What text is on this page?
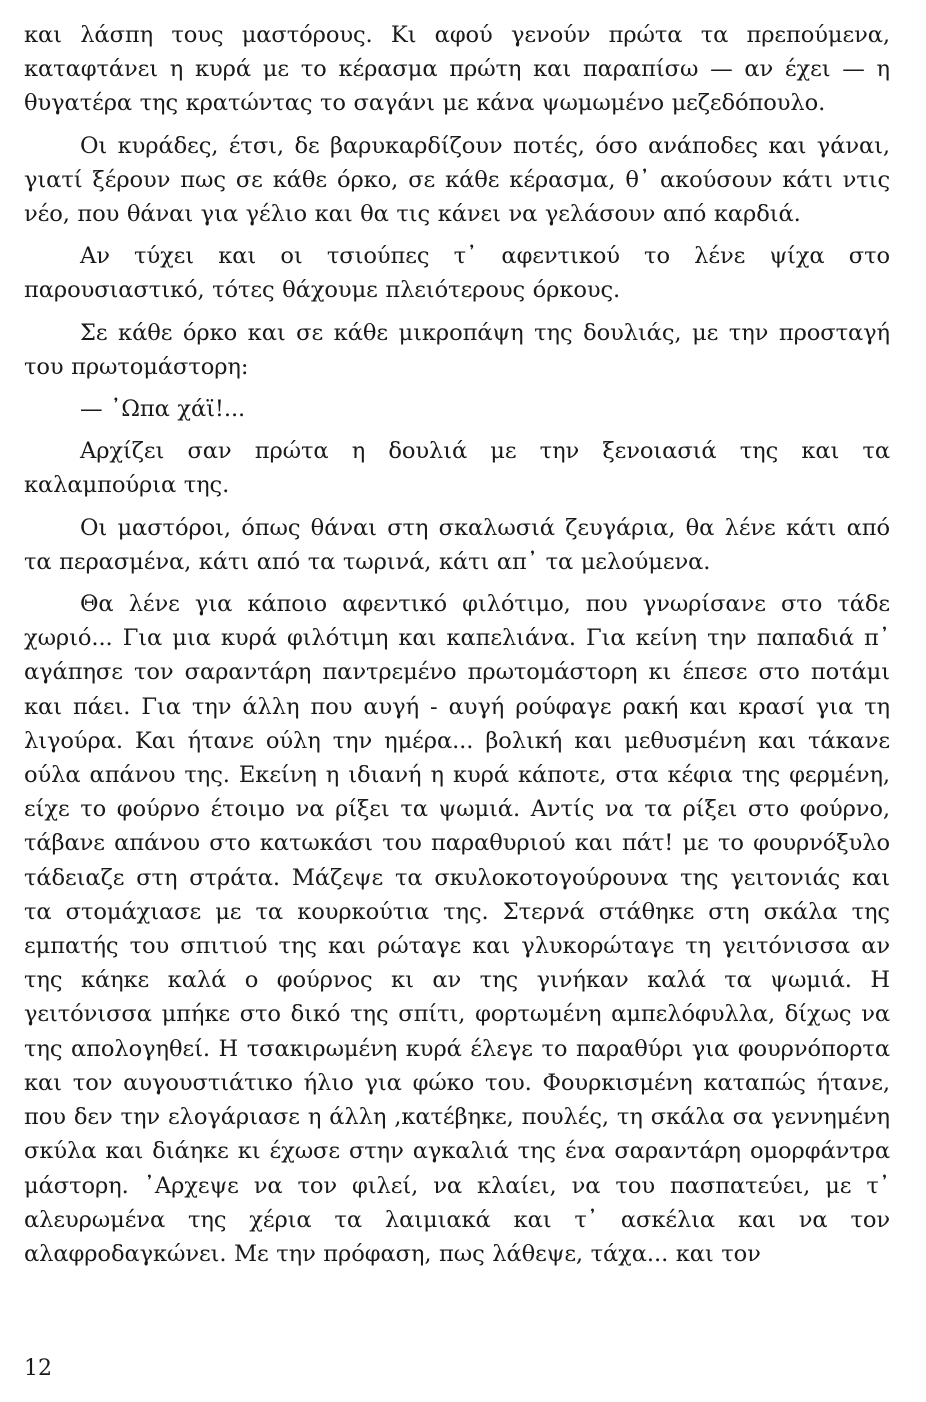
και λάσπη τους μαστόρους. Κι αφού γενούν πρώτα τα πρεπούμενα, καταφτάνει η κυρά με το κέρασμα πρώτη και παραπίσω — αν έχει — η θυγατέρα της κρατώντας το σαγάνι με κάνα ψωμωμένο μεζεδόπουλο.

Οι κυράδες, έτσι, δε βαρυκαρδίζουν ποτές, όσο ανάποδες και γάναι, γιατί ξέρουν πως σε κάθε όρκο, σε κάθε κέρασμα, θ᾽ ακούσουν κάτι ντις νέο, που θάναι για γέλιο και θα τις κάνει να γελάσουν από καρδιά.

Αν τύχει και οι τσιούπες τ᾽ αφεντικού το λένε ψίχα στο παρουσιαστικό, τότες θάχουμε πλειότερους όρκους.

Σε κάθε όρκο και σε κάθε μικροπάψη της δουλιάς, με την προσταγή του πρωτομάστορη:

— ᾽Ωπα χάϊ!...

Αρχίζει σαν πρώτα η δουλιά με την ξενοιασιά της και τα καλαμπούρια της.

Οι μαστόροι, όπως θάναι στη σκαλωσιά ζευγάρια, θα λένε κάτι από τα περασμένα, κάτι από τα τωρινά, κάτι απ᾽ τα μελούμενα.

Θα λένε για κάποιο αφεντικό φιλότιμο, που γνωρίσανε στο τάδε χωριό... Για μια κυρά φιλότιμη και καπελιάνα. Για κείνη την παπαδιά π᾽ αγάπησε τον σαραντάρη παντρεμένο πρωτομάστορη κι έπεσε στο ποτάμι και πάει. Για την άλλη που αυγή - αυγή ρούφαγε ρακή και κρασί για τη λιγούρα. Και ήτανε ούλη την ημέρα... βολική και μεθυσμένη και τάκανε ούλα απάνου της. Εκείνη η ιδιανή η κυρά κάποτε, στα κέφια της φερμένη, είχε το φούρνο έτοιμο να ρίξει τα ψωμιά. Αντίς να τα ρίξει στο φούρνο, τάβανε απάνου στο κατωκάσι του παραθυριού και πάτ! με το φουρνόξυλο τάδειαζε στη στράτα. Μάζεψε τα σκυλοκοτογούρουνα της γειτονιάς και τα στομάχιασε με τα κουρκούτια της. Στερνά στάθηκε στη σκάλα της εμπατής του σπιτιού της και ρώταγε και γλυκορώταγε τη γειτόνισσα αν της κάηκε καλά ο φούρνος κι αν της γινήκαν καλά τα ψωμιά. Η γειτόνισσα μπήκε στο δικό της σπίτι, φορτωμένη αμπελόφυλλα, δίχως να της απολογηθεί. Η τσακιρωμένη κυρά έλεγε το παραθύρι για φουρνόπορτα και τον αυγουστιάτικο ήλιο για φώκο του. Φουρκισμένη καταπώς ήτανε, που δεν την ελογάριασε η άλλη ,κατέβηκε, πουλές, τη σκάλα σα γεννημένη σκύλα και διάηκε κι έχωσε στην αγκαλιά της ένα σαραντάρη ομορφάντρα μάστορη. ᾽Αρχεψε να τον φιλεί, να κλαίει, να του πασπατεύει, με τ᾽ αλευρωμένα της χέρια τα λαιμιακά και τ᾽ ασκέλια και να τον αλαφροδαγκώνει. Με την πρόφαση, πως λάθεψε, τάχα... και τον

12
